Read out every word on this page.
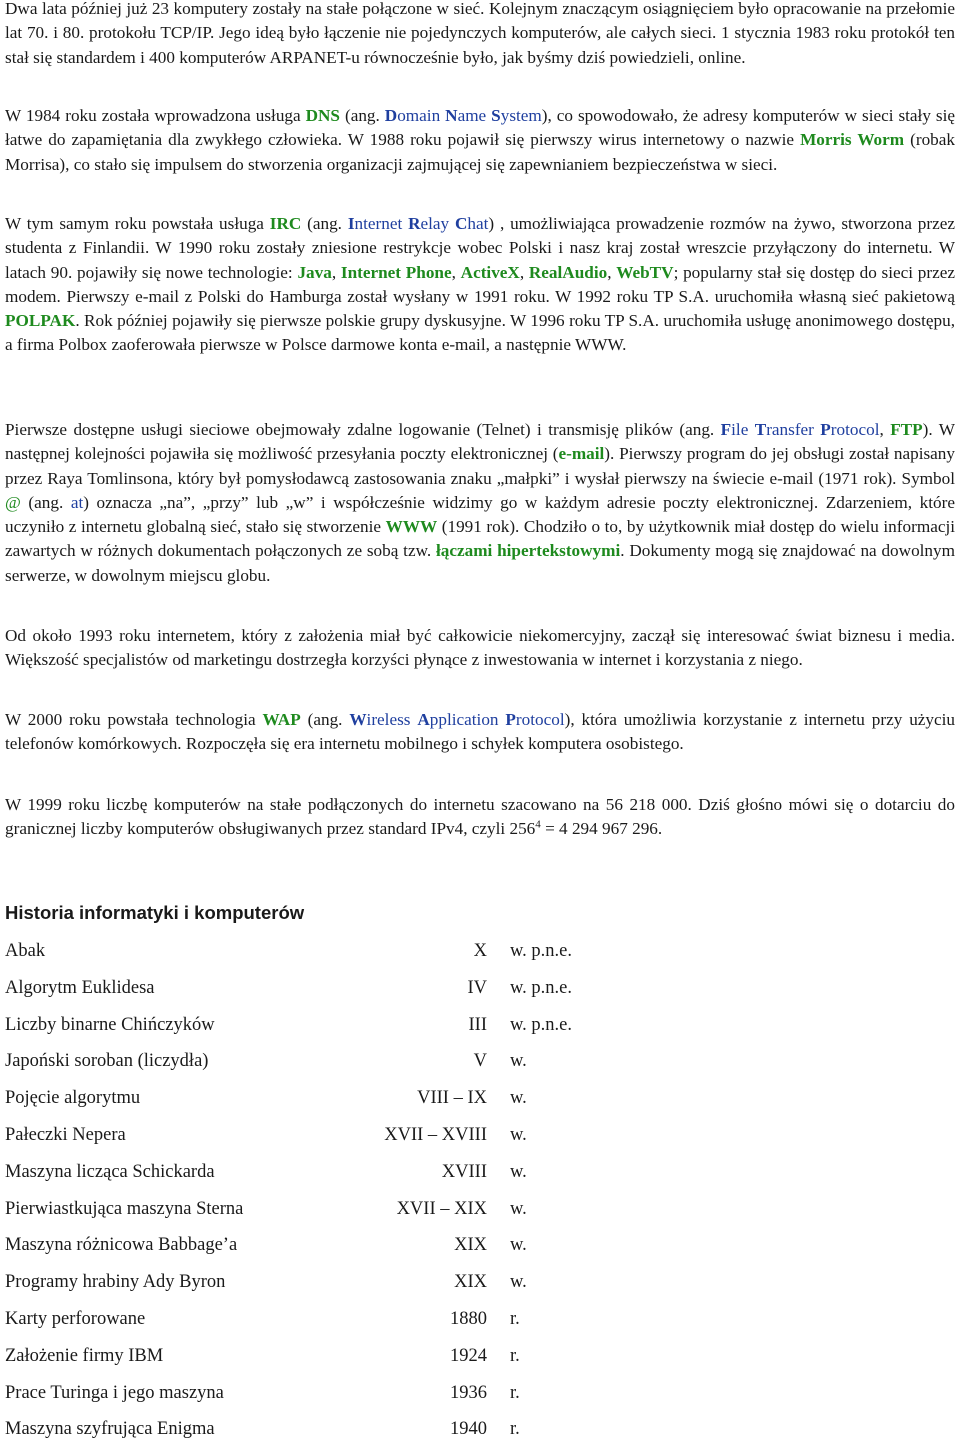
Dwa lata później już 23 komputery zostały na stałe połączone w sieć. Kolejnym znaczącym osiągnięciem było opracowanie na przełomie lat 70. i 80. protokołu TCP/IP. Jego ideą było łączenie nie pojedynczych komputerów, ale całych sieci. 1 stycznia 1983 roku protokół ten stał się standardem i 400 komputerów ARPANET-u równocześnie było, jak byśmy dziś powiedzieli, online.

W 1984 roku została wprowadzona usługa DNS (ang. Domain Name System), co spowodowało, że adresy komputerów w sieci stały się łatwe do zapamiętania dla zwykłego człowieka. W 1988 roku pojawił się pierwszy wirus internetowy o nazwie Morris Worm (robak Morrisa), co stało się impulsem do stworzenia organizacji zajmującej się zapewnianiem bezpieczeństwa w sieci.

W tym samym roku powstała usługa IRC (ang. Internet Relay Chat) , umożliwiająca prowadzenie rozmów na żywo, stworzona przez studenta z Finlandii. W 1990 roku zostały zniesione restrykcje wobec Polski i nasz kraj został wreszcie przyłączony do internetu. W latach 90. pojawiły się nowe technologie: Java, Internet Phone, ActiveX, RealAudio, WebTV; popularny stał się dostęp do sieci przez modem. Pierwszy e-mail z Polski do Hamburga został wysłany w 1991 roku. W 1992 roku TP S.A. uruchomiła własną sieć pakietową POLPAK. Rok później pojawiły się pierwsze polskie grupy dyskusyjne. W 1996 roku TP S.A. uruchomiła usługę anonimowego dostępu, a firma Polbox zaoferowała pierwsze w Polsce darmowe konta e-mail, a następnie WWW.

Pierwsze dostępne usługi sieciowe obejmowały zdalne logowanie (Telnet) i transmisję plików (ang. File Transfer Protocol, FTP). W następnej kolejności pojawiła się możliwość przesyłania poczty elektronicznej (e-mail). Pierwszy program do jej obsługi został napisany przez Raya Tomlinsona, który był pomysłodawcą zastosowania znaku „małpki” i wysłał pierwszy na świecie e-mail (1971 rok). Symbol @ (ang. at) oznacza „na”, „przy” lub „w” i współcześnie widzimy go w każdym adresie poczty elektronicznej. Zdarzeniem, które uczyniło z internetu globalną sieć, stało się stworzenie WWW (1991 rok). Chodziło o to, by użytkownik miał dostęp do wielu informacji zawartych w różnych dokumentach połączonych ze sobą tzw. łączami hipertekstowymi. Dokumenty mogą się znajdować na dowolnym serwerze, w dowolnym miejscu globu.

Od około 1993 roku internetem, który z założenia miał być całkowicie niekomercyjny, zaczął się interesować świat biznesu i media. Większość specjalistów od marketingu dostrzegła korzyści płynące z inwestowania w internet i korzystania z niego.

W 2000 roku powstała technologia WAP (ang. Wireless Application Protocol), która umożliwia korzystanie z internetu przy użyciu telefonów komórkowych. Rozpoczęła się era internetu mobilnego i schyłek komputera osobistego.

W 1999 roku liczbę komputerów na stałe podłączonych do internetu szacowano na 56 218 000. Dziś głośno mówi się o dotarciu do granicznej liczby komputerów obsługiwanych przez standard IPv4, czyli $256^4 = 4$ 294 967 296.

Historia informatyki i komputerów
Abak	X w. p.n.e.
Algorytm Euklidesa	IV w. p.n.e.
Liczby binarne Chińczyków	III w. p.n.e.
Japoński soroban (liczydła)	V w.
Pojęcie algorytmu	VIII – IX w.
Pałeczki Nepera	XVII – XVIII w.
Maszyna licząca Schickarda	XVIII w.
Pierwiastkująca maszyna Sterna	XVII – XIX w.
Maszyna różnicowa Babbage’a	XIX w.
Programy hrabiny Ady Byron	XIX w.
Karty perforowane	1880 r.
Założenie firmy IBM	1924 r.
Prace Turinga i jego maszyna	1936 r.
Maszyna szyfrująca Enigma	1940 r.
